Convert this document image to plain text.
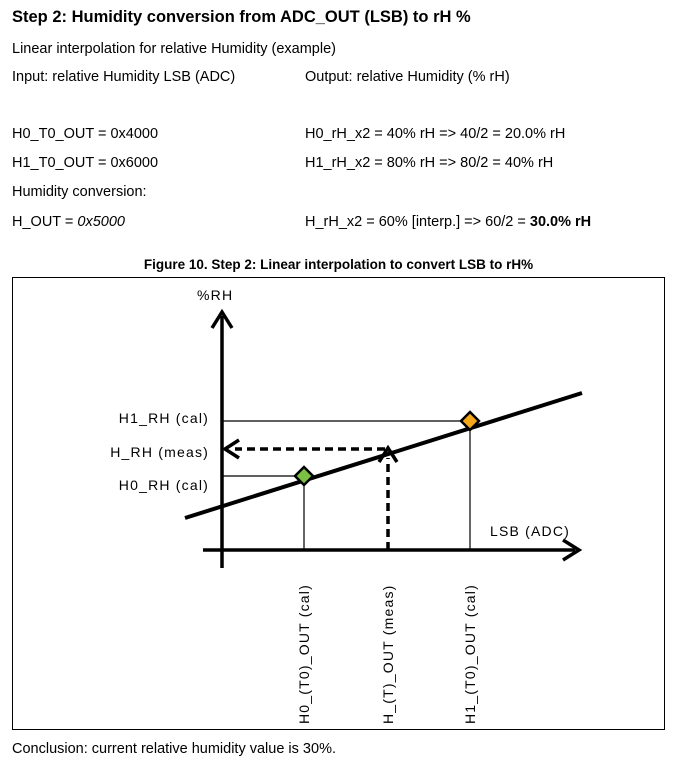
Step 2: Humidity conversion from ADC_OUT (LSB) to rH %
Linear interpolation for relative Humidity (example)
Input: relative Humidity LSB (ADC)	Output: relative Humidity (% rH)
H0_T0_OUT = 0x4000	H0_rH_x2 = 40% rH => 40/2 = 20.0% rH
H1_T0_OUT = 0x6000	H1_rH_x2 = 80% rH => 80/2 = 40% rH
Humidity conversion:
H_OUT = 0x5000	H_rH_x2 = 60% [interp.] => 60/2 = 30.0% rH
Figure 10. Step 2: Linear interpolation to convert LSB to rH%
%RH
LSB (ADC)
H1_RH (cal)
H_RH (meas)
H0_RH (cal)
H0_(T0)_OUT (cal)	H_(T)_OUT (meas)	H1_(T0)_OUT (cal)
Conclusion: current relative humidity value is 30%.
